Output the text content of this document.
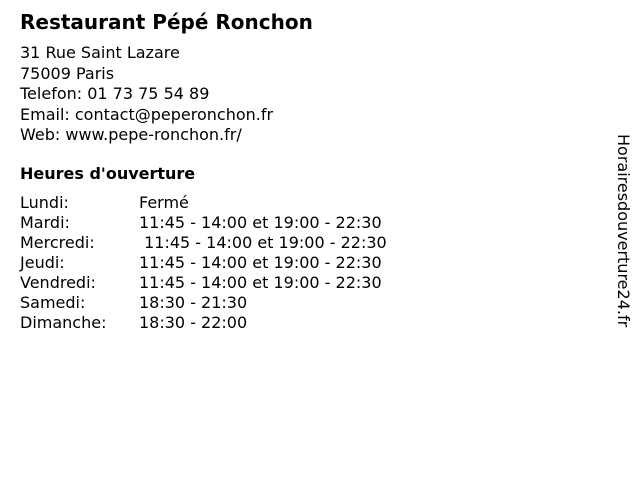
Restaurant Pépé Ronchon
31 Rue Saint Lazare
75009 Paris
Telefon: 01 73 75 54 89
Email: contact@peperonchon.fr
Web: www.pepe-ronchon.fr/
Heures d'ouverture
Lundi:	Fermé
Mardi:	11:45 - 14:00 et 19:00 - 22:30
Mercredi:	11:45 - 14:00 et 19:00 - 22:30
Jeudi:	11:45 - 14:00 et 19:00 - 22:30
Vendredi:	11:45 - 14:00 et 19:00 - 22:30
Samedi:	18:30 - 21:30
Dimanche:	18:30 - 22:00	Horairesdouverture24.fr
